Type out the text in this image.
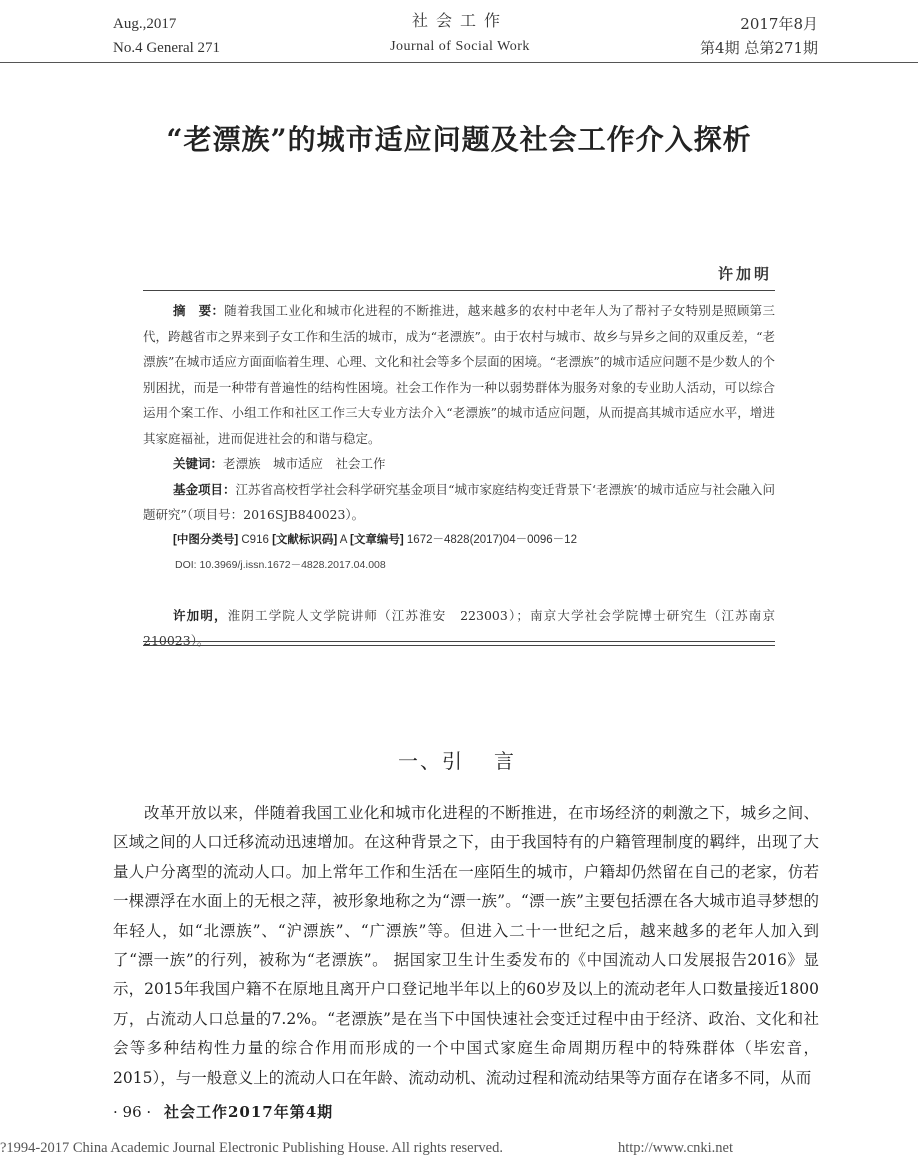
Aug.,2017
No.4 General 271
社会工作
Journal of Social Work
2017年8月
第4期 总第271期
“老漂族”的城市适应问题及社会工作介入探析
许加明

摘　要：随着我国工业化和城市化进程的不断推进，越来越多的农村中老年人为了帮衬子女特别是照顾第三代，跨越省市之界来到子女工作和生活的城市，成为“老漂族”。由于农村与城市、故乡与异乡之间的双重反差，“老漂族”在城市适应方面面临着生理、心理、文化和社会等多个层面的困境。“老漂族”的城市适应问题不是少数人的个别困扰，而是一种带有普遍性的结构性困境。社会工作作为一种以弱势群体为服务对象的专业助人活动，可以综合运用个案工作、小组工作和社区工作三大专业方法介入“老漂族”的城市适应问题，从而提高其城市适应水平，增进其家庭福祉，进而促进社会的和谐与稳定。

关键词：老漂族　城市适应　社会工作

基金项目：江苏省高校哲学社会科学研究基金项目“城市家庭结构变迁背景下‘老漂族’的城市适应与社会融入问题研究”（项目号：2016SJB840023）。

[中图分类号] C916 [文献标识码] A [文章编号] 1672－4828(2017)04－0096－12

DOI: 10.3969/j.issn.1672－4828.2017.04.008

许加明，淮阴工学院人文学院讲师（江苏淮安　223003）；南京大学社会学院博士研究生（江苏南京210023）。

一、引　言

改革开放以来，伴随着我国工业化和城市化进程的不断推进，在市场经济的刺激之下，城乡之间、区域之间的人口迁移流动迅速增加。在这种背景之下，由于我国特有的户籍管理制度的羁绊，出现了大量人户分离型的流动人口。加上常年工作和生活在一座陌生的城市，户籍却仍然留在自己的老家，仿若一棵漂浮在水面上的无根之萍，被形象地称之为“漂一族”。“漂一族”主要包括漂在各大城市追寻梦想的年轻人，如“北漂族”、“沪漂族”、“广漂族”等。但进入二十一世纪之后，越来越多的老年人加入到了“漂一族”的行列，被称为“老漂族”。 据国家卫生计生委发布的《中国流动人口发展报告2016》显示，2015年我国户籍不在原地且离开户口登记地半年以上的60岁及以上的流动老年人口数量接近1800万，占流动人口总量的7.2%。“老漂族”是在当下中国快速社会变迁过程中由于经济、政治、文化和社会等多种结构性力量的综合作用而形成的一个中国式家庭生命周期历程中的特殊群体（毕宏音，2015），与一般意义上的流动人口在年龄、流动动机、流动过程和流动结果等方面存在诸多不同，从而

· 96 · 社会工作2017年第4期
?1994-2017 China Academic Journal Electronic Publishing House. All rights reserved.	http://www.cnki.net
